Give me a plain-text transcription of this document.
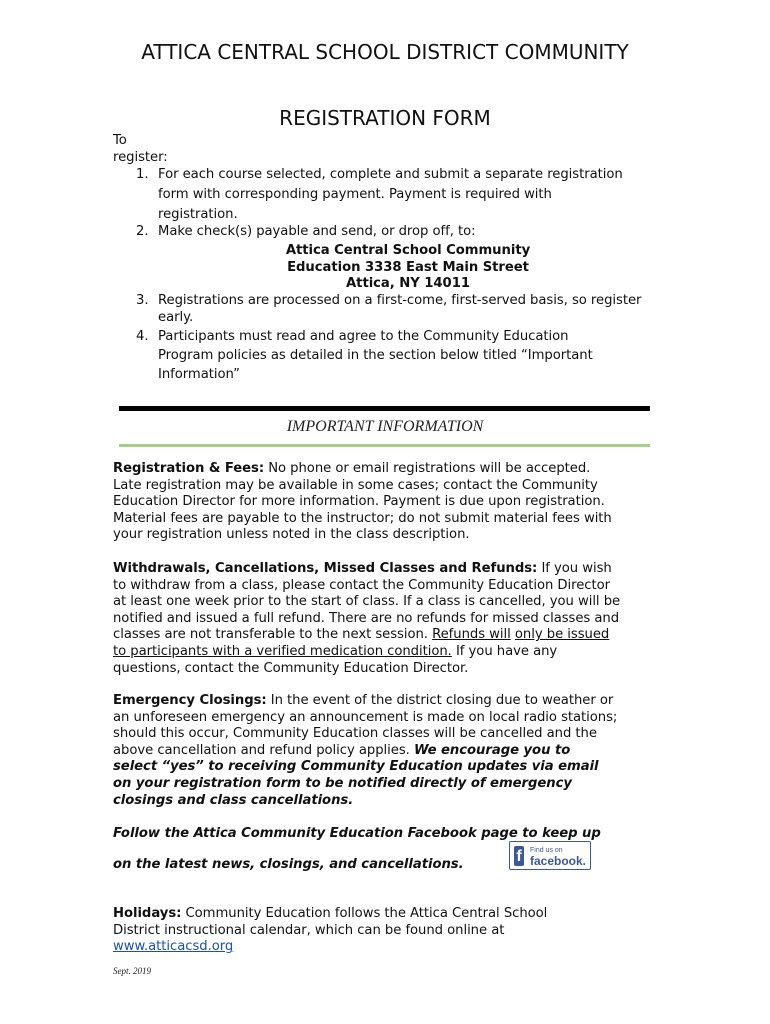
ATTICA CENTRAL SCHOOL DISTRICT COMMUNITY
REGISTRATION FORM
To
register:
1. For each course selected, complete and submit a separate registration
form with corresponding payment. Payment is required with
registration.
2. Make check(s) payable and send, or drop off, to:
Attica Central School Community
Education 3338 East Main Street
Attica, NY 14011
3. Registrations are processed on a first-come, first-served basis, so register
early.
4. Participants must read and agree to the Community Education
Program policies as detailed in the section below titled “Important
Information”
IMPORTANT INFORMATION
Registration & Fees: No phone or email registrations will be accepted.
Late registration may be available in some cases; contact the Community
Education Director for more information. Payment is due upon registration.
Material fees are payable to the instructor; do not submit material fees with
your registration unless noted in the class description.
Withdrawals, Cancellations, Missed Classes and Refunds: If you wish
to withdraw from a class, please contact the Community Education Director
at least one week prior to the start of class. If a class is cancelled, you will be
notified and issued a full refund. There are no refunds for missed classes and
classes are not transferable to the next session. Refunds will only be issued
to participants with a verified medication condition. If you have any
questions, contact the Community Education Director.
Emergency Closings: In the event of the district closing due to weather or
an unforeseen emergency an announcement is made on local radio stations;
should this occur, Community Education classes will be cancelled and the
above cancellation and refund policy applies. We encourage you to
select “yes” to receiving Community Education updates via email
on your registration form to be notified directly of emergency
closings and class cancellations.
Follow the Attica Community Education Facebook page to keep up
on the latest news, closings, and cancellations.	f	Find us on
facebook.
Holidays: Community Education follows the Attica Central School
District instructional calendar, which can be found online at
www.atticacsd.org
Sept. 2019
